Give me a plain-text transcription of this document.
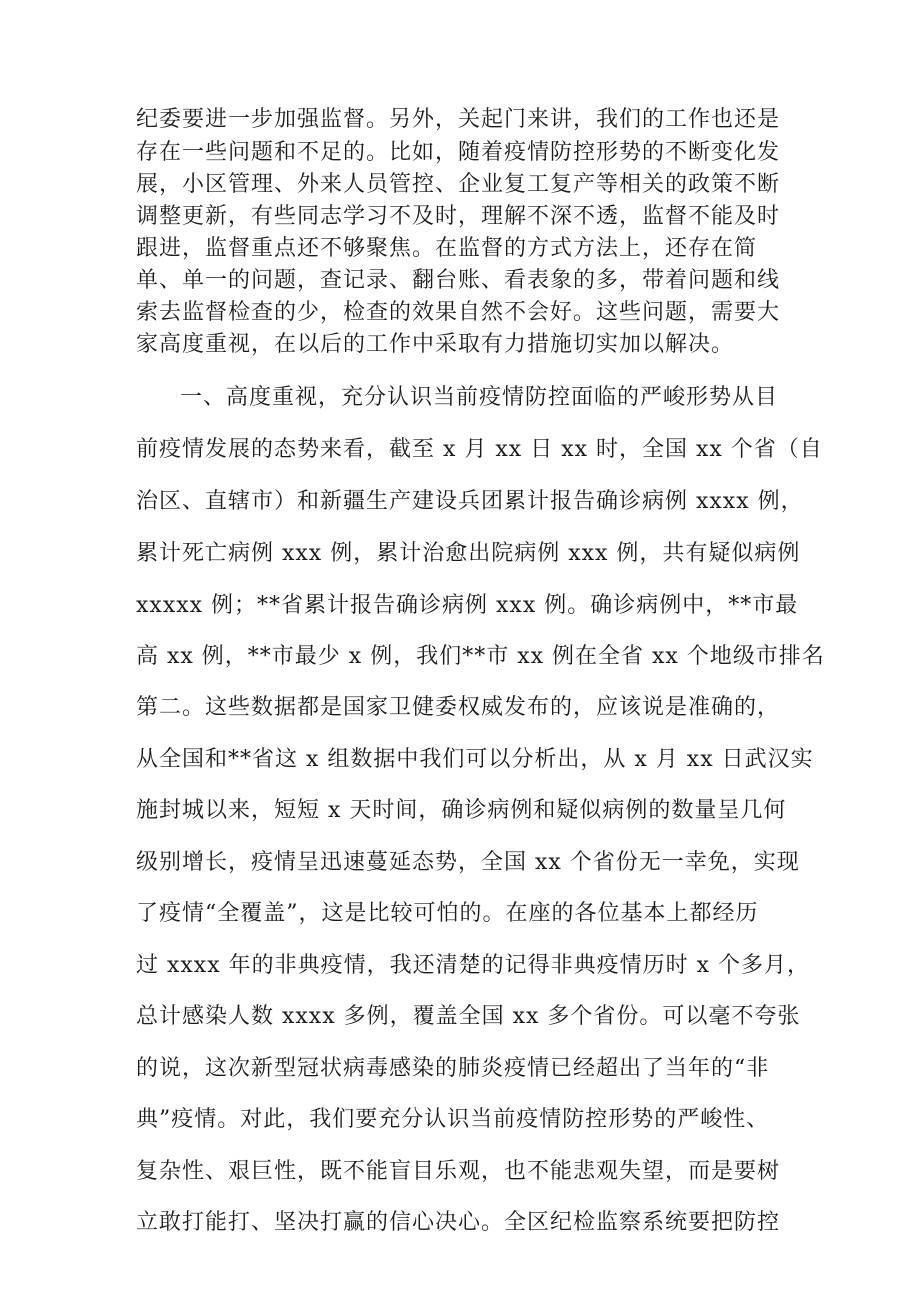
纪委要进一步加强监督。另外，关起门来讲，我们的工作也还是
存在一些问题和不足的。比如，随着疫情防控形势的不断变化发
展，小区管理、外来人员管控、企业复工复产等相关的政策不断
调整更新，有些同志学习不及时，理解不深不透，监督不能及时
跟进，监督重点还不够聚焦。在监督的方式方法上，还存在简
单、单一的问题，查记录、翻台账、看表象的多，带着问题和线
索去监督检查的少，检查的效果自然不会好。这些问题，需要大
家高度重视，在以后的工作中采取有力措施切实加以解决。
一、高度重视，充分认识当前疫情防控面临的严峻形势从目
前疫情发展的态势来看，截至 x 月 xx 日 xx 时，全国 xx 个省（自
治区、直辖市）和新疆生产建设兵团累计报告确诊病例 xxxx 例，
累计死亡病例 xxx 例，累计治愈出院病例 xxx 例，共有疑似病例
xxxxx 例；**省累计报告确诊病例 xxx 例。确诊病例中，**市最
高 xx 例，**市最少 x 例，我们**市 xx 例在全省 xx 个地级市排名
第二。这些数据都是国家卫健委权威发布的，应该说是准确的，
从全国和**省这 x 组数据中我们可以分析出，从 x 月 xx 日武汉实
施封城以来，短短 x 天时间，确诊病例和疑似病例的数量呈几何
级别增长，疫情呈迅速蔓延态势，全国 xx 个省份无一幸免，实现
了疫情“全覆盖”，这是比较可怕的。在座的各位基本上都经历
过 xxxx 年的非典疫情，我还清楚的记得非典疫情历时 x 个多月，
总计感染人数 xxxx 多例，覆盖全国 xx 多个省份。可以毫不夸张
的说，这次新型冠状病毒感染的肺炎疫情已经超出了当年的“非
典”疫情。对此，我们要充分认识当前疫情防控形势的严峻性、
复杂性、艰巨性，既不能盲目乐观，也不能悲观失望，而是要树
立敢打能打、坚决打赢的信心决心。全区纪检监察系统要把防控
